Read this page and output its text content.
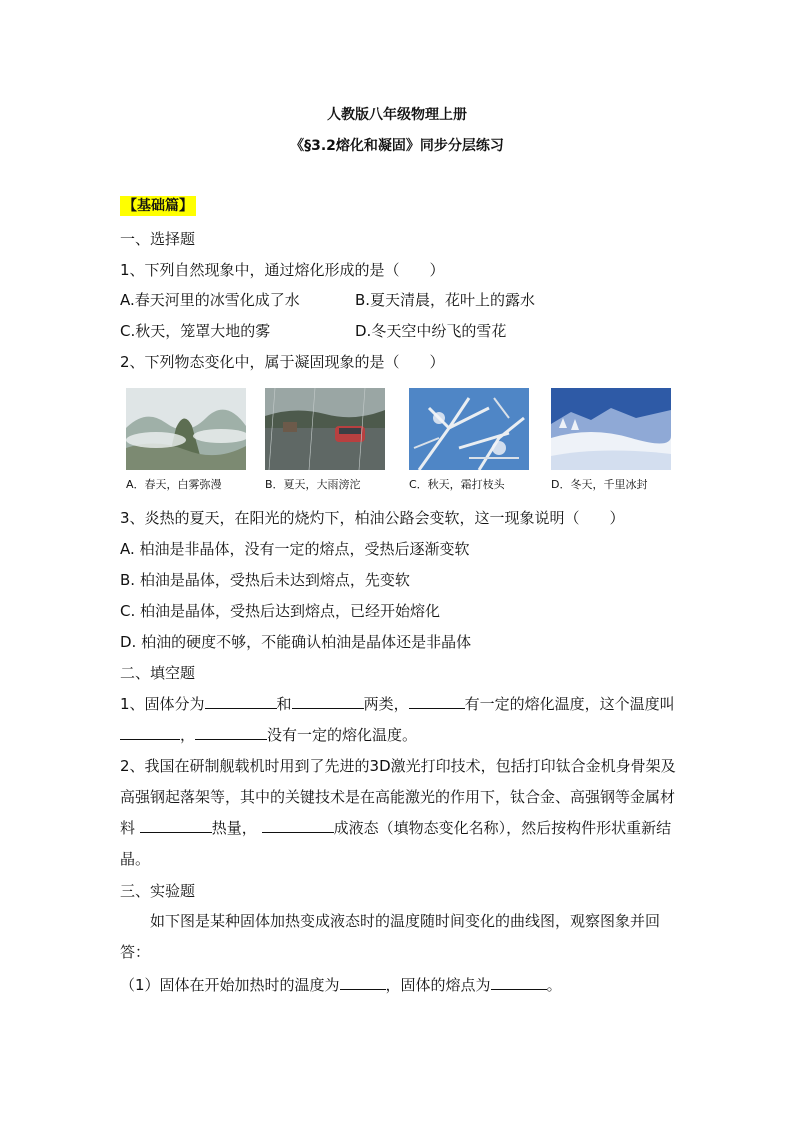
人教版八年级物理上册
《§3.2熔化和凝固》同步分层练习
【基础篇】
一、选择题
1、下列自然现象中，通过熔化形成的是（　　）
A.春天河里的冰雪化成了水	B.夏天清晨，花叶上的露水
C.秋天，笼罩大地的雾	D.冬天空中纷飞的雪花
2、下列物态变化中，属于凝固现象的是（　　）
A．春天，白雾弥漫	B．夏天，大雨滂沱	C．秋天，霜打枝头	D．冬天，千里冰封
3、炎热的夏天，在阳光的烧灼下，柏油公路会变软，这一现象说明（　　）
A. 柏油是非晶体，没有一定的熔点，受热后逐渐变软
B. 柏油是晶体，受热后未达到熔点，先变软
C. 柏油是晶体，受热后达到熔点，已经开始熔化
D. 柏油的硬度不够，不能确认柏油是晶体还是非晶体
二、填空题
1、固体分为	和	两类，	有一定的熔化温度，这个温度叫，	没有一定的熔化温度。
2、我国在研制舰载机时用到了先进的3D激光打印技术，包括打印钛合金机身骨架及高强钢起落架等，其中的关键技术是在高能激光的作用下，钛合金、高强钢等金属材料	热量，	成液态（填物态变化名称），然后按构件形状重新结晶。
三、实验题
如下图是某种固体加热变成液态时的温度随时间变化的曲线图，观察图象并回答：
（1）固体在开始加热时的温度为	，固体的熔点为	。
